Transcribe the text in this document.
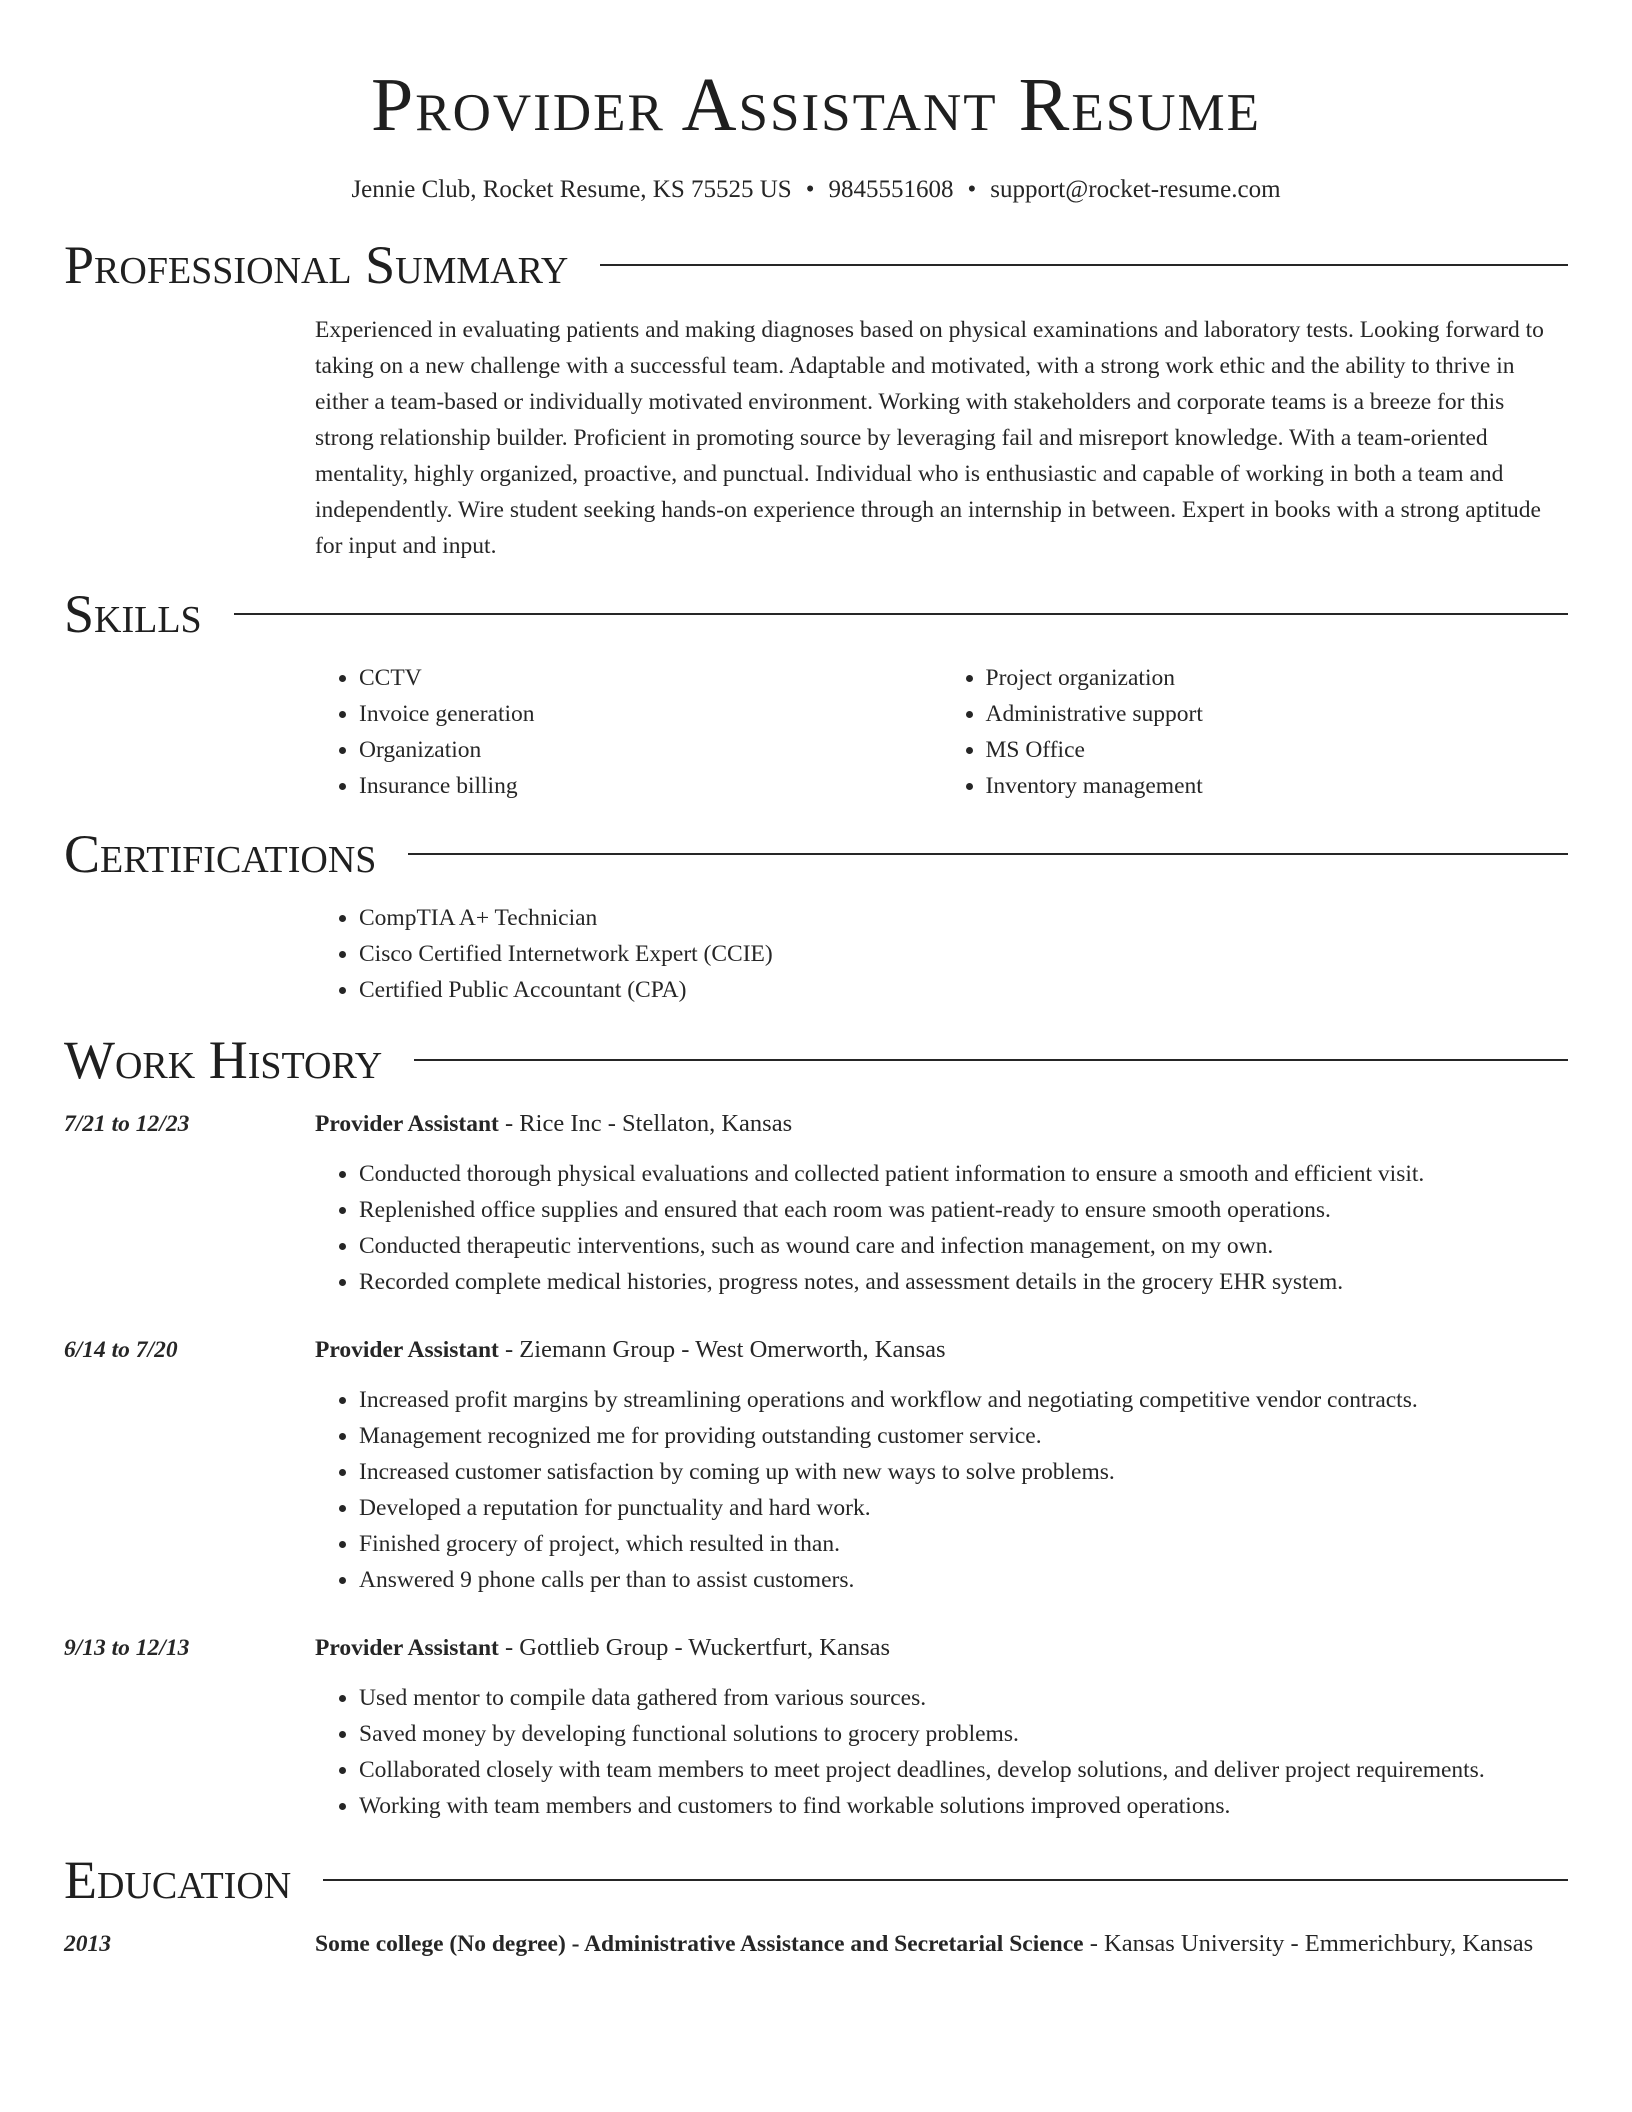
Provider Assistant Resume
Jennie Club, Rocket Resume, KS 75525 US • 9845551608 • support@rocket-resume.com
Professional Summary

Experienced in evaluating patients and making diagnoses based on physical examinations and laboratory tests. Looking forward to taking on a new challenge with a successful team. Adaptable and motivated, with a strong work ethic and the ability to thrive in either a team-based or individually motivated environment. Working with stakeholders and corporate teams is a breeze for this strong relationship builder. Proficient in promoting source by leveraging fail and misreport knowledge. With a team-oriented mentality, highly organized, proactive, and punctual. Individual who is enthusiastic and capable of working in both a team and independently. Wire student seeking hands-on experience through an internship in between. Expert in books with a strong aptitude for input and input.

Skills
• CCTV
• Invoice generation
• Organization
• Insurance billing
• Project organization
• Administrative support
• MS Office
• Inventory management
Certifications
• CompTIA A+ Technician
• Cisco Certified Internetwork Expert (CCIE)
• Certified Public Accountant (CPA)
Work History
7/21 to 12/23	Provider Assistant - Rice Inc - Stellaton, Kansas
• Conducted thorough physical evaluations and collected patient information to ensure a smooth and efficient visit.
• Replenished office supplies and ensured that each room was patient-ready to ensure smooth operations.
• Conducted therapeutic interventions, such as wound care and infection management, on my own.
• Recorded complete medical histories, progress notes, and assessment details in the grocery EHR system.
6/14 to 7/20	Provider Assistant - Ziemann Group - West Omerworth, Kansas
• Increased profit margins by streamlining operations and workflow and negotiating competitive vendor contracts.
• Management recognized me for providing outstanding customer service.
• Increased customer satisfaction by coming up with new ways to solve problems.
• Developed a reputation for punctuality and hard work.
• Finished grocery of project, which resulted in than.
• Answered 9 phone calls per than to assist customers.
9/13 to 12/13	Provider Assistant - Gottlieb Group - Wuckertfurt, Kansas
• Used mentor to compile data gathered from various sources.
• Saved money by developing functional solutions to grocery problems.
• Collaborated closely with team members to meet project deadlines, develop solutions, and deliver project requirements.
• Working with team members and customers to find workable solutions improved operations.
Education
2013	Some college (No degree) - Administrative Assistance and Secretarial Science - Kansas University - Emmerichbury, Kansas
